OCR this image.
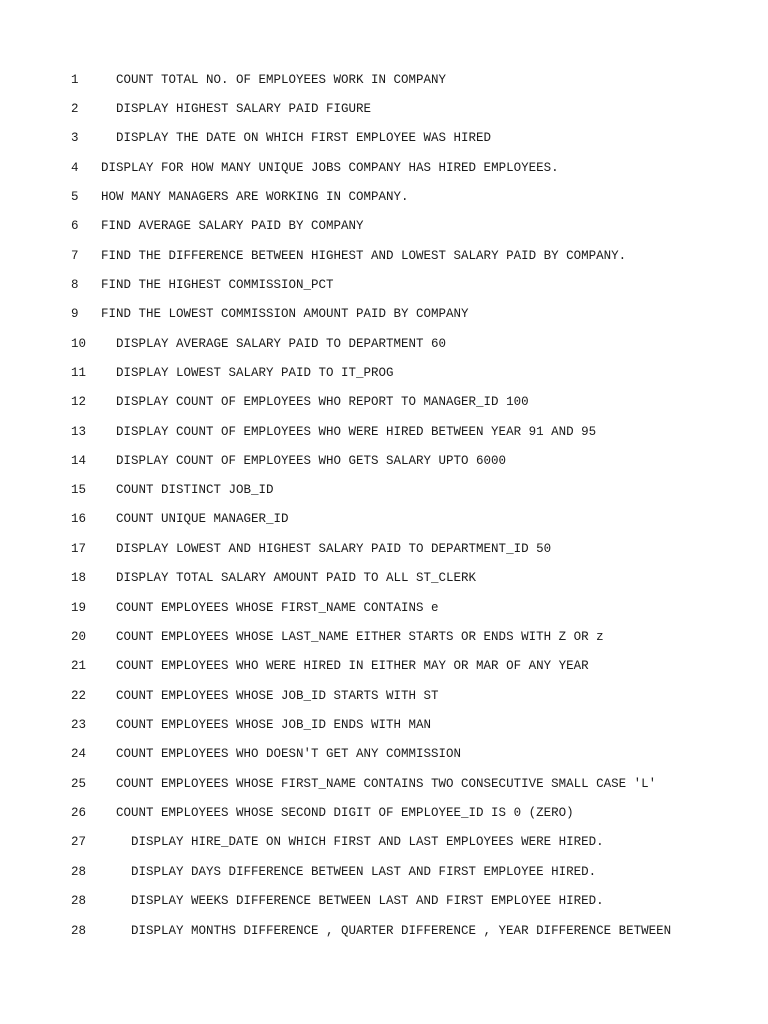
1

	COUNT TOTAL NO. OF EMPLOYEES WORK IN COMPANY

2

	DISPLAY HIGHEST SALARY PAID FIGURE

3

	DISPLAY THE DATE ON WHICH FIRST EMPLOYEE WAS HIRED

4

DISPLAY FOR HOW MANY UNIQUE JOBS COMPANY HAS HIRED EMPLOYEES.

5

HOW MANY MANAGERS ARE WORKING IN COMPANY.

6

FIND AVERAGE SALARY PAID BY COMPANY

7

FIND THE DIFFERENCE BETWEEN HIGHEST AND LOWEST SALARY PAID BY COMPANY.

8

FIND THE HIGHEST COMMISSION_PCT

9

FIND THE LOWEST COMMISSION AMOUNT PAID BY COMPANY

10

DISPLAY AVERAGE SALARY PAID TO DEPARTMENT 60

11

DISPLAY LOWEST SALARY PAID TO IT_PROG

12

DISPLAY COUNT OF EMPLOYEES WHO REPORT TO MANAGER_ID 100

13

DISPLAY COUNT OF EMPLOYEES WHO WERE HIRED BETWEEN YEAR 91 AND 95

14

DISPLAY COUNT OF EMPLOYEES WHO GETS SALARY UPTO 6000

15

COUNT DISTINCT JOB_ID

16

COUNT UNIQUE MANAGER_ID

17

DISPLAY LOWEST AND HIGHEST SALARY PAID TO DEPARTMENT_ID 50

18

DISPLAY TOTAL SALARY AMOUNT PAID TO ALL ST_CLERK

19

COUNT EMPLOYEES WHOSE FIRST_NAME CONTAINS e

20

COUNT EMPLOYEES WHOSE LAST_NAME EITHER STARTS OR ENDS WITH Z OR z

21

COUNT EMPLOYEES WHO WERE HIRED IN EITHER MAY OR MAR OF ANY YEAR

22

COUNT EMPLOYEES WHOSE JOB_ID STARTS WITH ST

23

COUNT EMPLOYEES WHOSE JOB_ID ENDS WITH MAN

24

COUNT EMPLOYEES WHO DOESN'T GET ANY COMMISSION

25

COUNT EMPLOYEES WHOSE FIRST_NAME CONTAINS TWO CONSECUTIVE SMALL CASE 'L'

26

COUNT EMPLOYEES WHOSE SECOND DIGIT OF EMPLOYEE_ID IS 0 (ZERO)

27

	DISPLAY HIRE_DATE ON WHICH FIRST AND LAST EMPLOYEES WERE HIRED.

28

	DISPLAY DAYS DIFFERENCE BETWEEN LAST AND FIRST EMPLOYEE HIRED.

28

	DISPLAY WEEKS DIFFERENCE BETWEEN LAST AND FIRST EMPLOYEE HIRED.

28

	DISPLAY MONTHS DIFFERENCE , QUARTER DIFFERENCE , YEAR DIFFERENCE BETWEEN
